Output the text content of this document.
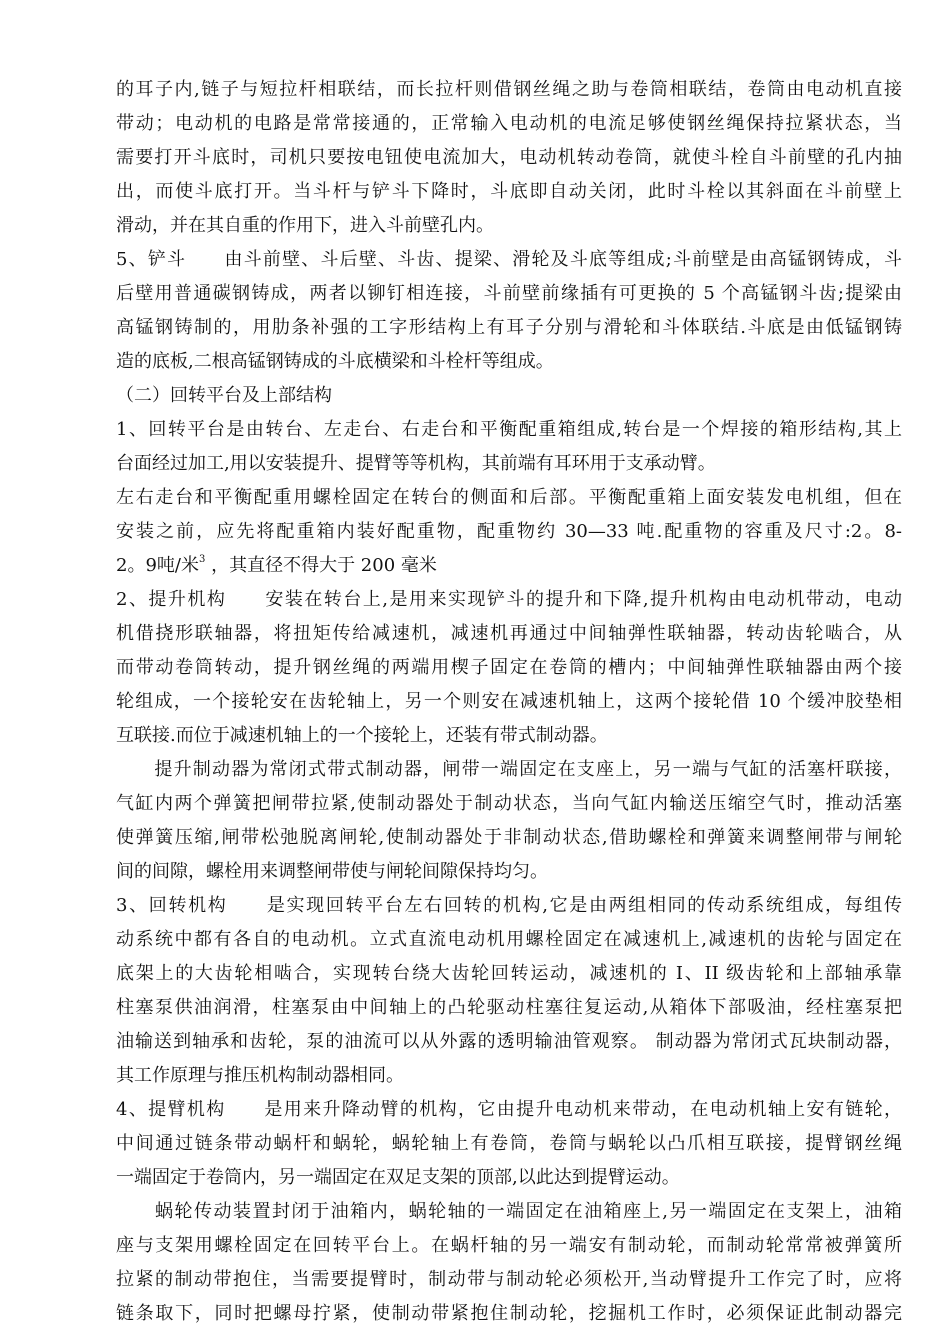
的耳子内,链子与短拉杆相联结，而长拉杆则借钢丝绳之助与卷筒相联结，卷筒由电动机直接
带动；电动机的电路是常常接通的，正常输入电动机的电流足够使钢丝绳保持拉紧状态，当
需要打开斗底时，司机只要按电钮使电流加大，电动机转动卷筒，就使斗栓自斗前壁的孔内抽
出，而使斗底打开。当斗杆与铲斗下降时，斗底即自动关闭，此时斗栓以其斜面在斗前壁上
滑动，并在其自重的作用下，进入斗前壁孔内。
5、铲斗　　由斗前壁、斗后壁、斗齿、提梁、滑轮及斗底等组成;斗前壁是由高锰钢铸成，斗
后壁用普通碳钢铸成，两者以铆钉相连接，斗前壁前缘插有可更换的 5 个高锰钢斗齿;提梁由
高锰钢铸制的，用肋条补强的工字形结构上有耳子分别与滑轮和斗体联结.斗底是由低锰钢铸
造的底板,二根高锰钢铸成的斗底横梁和斗栓杆等组成。
（二）回转平台及上部结构
1、回转平台是由转台、左走台、右走台和平衡配重箱组成,转台是一个焊接的箱形结构,其上
台面经过加工,用以安装提升、提臂等等机构，其前端有耳环用于支承动臂。
左右走台和平衡配重用螺栓固定在转台的侧面和后部。平衡配重箱上面安装发电机组，但在
安装之前，应先将配重箱内装好配重物，配重物约 30—33 吨.配重物的容重及尺寸:2。8-
2。9吨/米$^3$ ，其直径不得大于 200 毫米
2、提升机构　　安装在转台上,是用来实现铲斗的提升和下降,提升机构由电动机带动，电动
机借挠形联轴器，将扭矩传给减速机，减速机再通过中间轴弹性联轴器，转动齿轮啮合，从
而带动卷筒转动，提升钢丝绳的两端用楔子固定在卷筒的槽内；中间轴弹性联轴器由两个接
轮组成，一个接轮安在齿轮轴上，另一个则安在减速机轴上，这两个接轮借 10 个缓冲胶垫相
互联接.而位于减速机轴上的一个接轮上，还装有带式制动器。
　　提升制动器为常闭式带式制动器，闸带一端固定在支座上，另一端与气缸的活塞杆联接，
气缸内两个弹簧把闸带拉紧,使制动器处于制动状态，当向气缸内输送压缩空气时，推动活塞
使弹簧压缩,闸带松弛脱离闸轮,使制动器处于非制动状态,借助螺栓和弹簧来调整闸带与闸轮
间的间隙，螺栓用来调整闸带使与闸轮间隙保持均匀。
3、回转机构　　是实现回转平台左右回转的机构,它是由两组相同的传动系统组成，每组传
动系统中都有各自的电动机。立式直流电动机用螺栓固定在减速机上,减速机的齿轮与固定在
底架上的大齿轮相啮合，实现转台绕大齿轮回转运动，减速机的 I、II 级齿轮和上部轴承靠
柱塞泵供油润滑，柱塞泵由中间轴上的凸轮驱动柱塞往复运动,从箱体下部吸油，经柱塞泵把
油输送到轴承和齿轮，泵的油流可以从外露的透明输油管观察。 制动器为常闭式瓦块制动器，
其工作原理与推压机构制动器相同。
4、提臂机构　　是用来升降动臂的机构，它由提升电动机来带动，在电动机轴上安有链轮，
中间通过链条带动蜗杆和蜗轮，蜗轮轴上有卷筒，卷筒与蜗轮以凸爪相互联接，提臂钢丝绳
一端固定于卷筒内，另一端固定在双足支架的顶部,以此达到提臂运动。
　　蜗轮传动装置封闭于油箱内，蜗轮轴的一端固定在油箱座上,另一端固定在支架上，油箱
座与支架用螺栓固定在回转平台上。在蜗杆轴的另一端安有制动轮，而制动轮常常被弹簧所
拉紧的制动带抱住，当需要提臂时，制动带与制动轮必须松开,当动臂提升工作完了时，应将
链条取下，同时把螺母拧紧，使制动带紧抱住制动轮，挖掘机工作时，必须保证此制动器完
